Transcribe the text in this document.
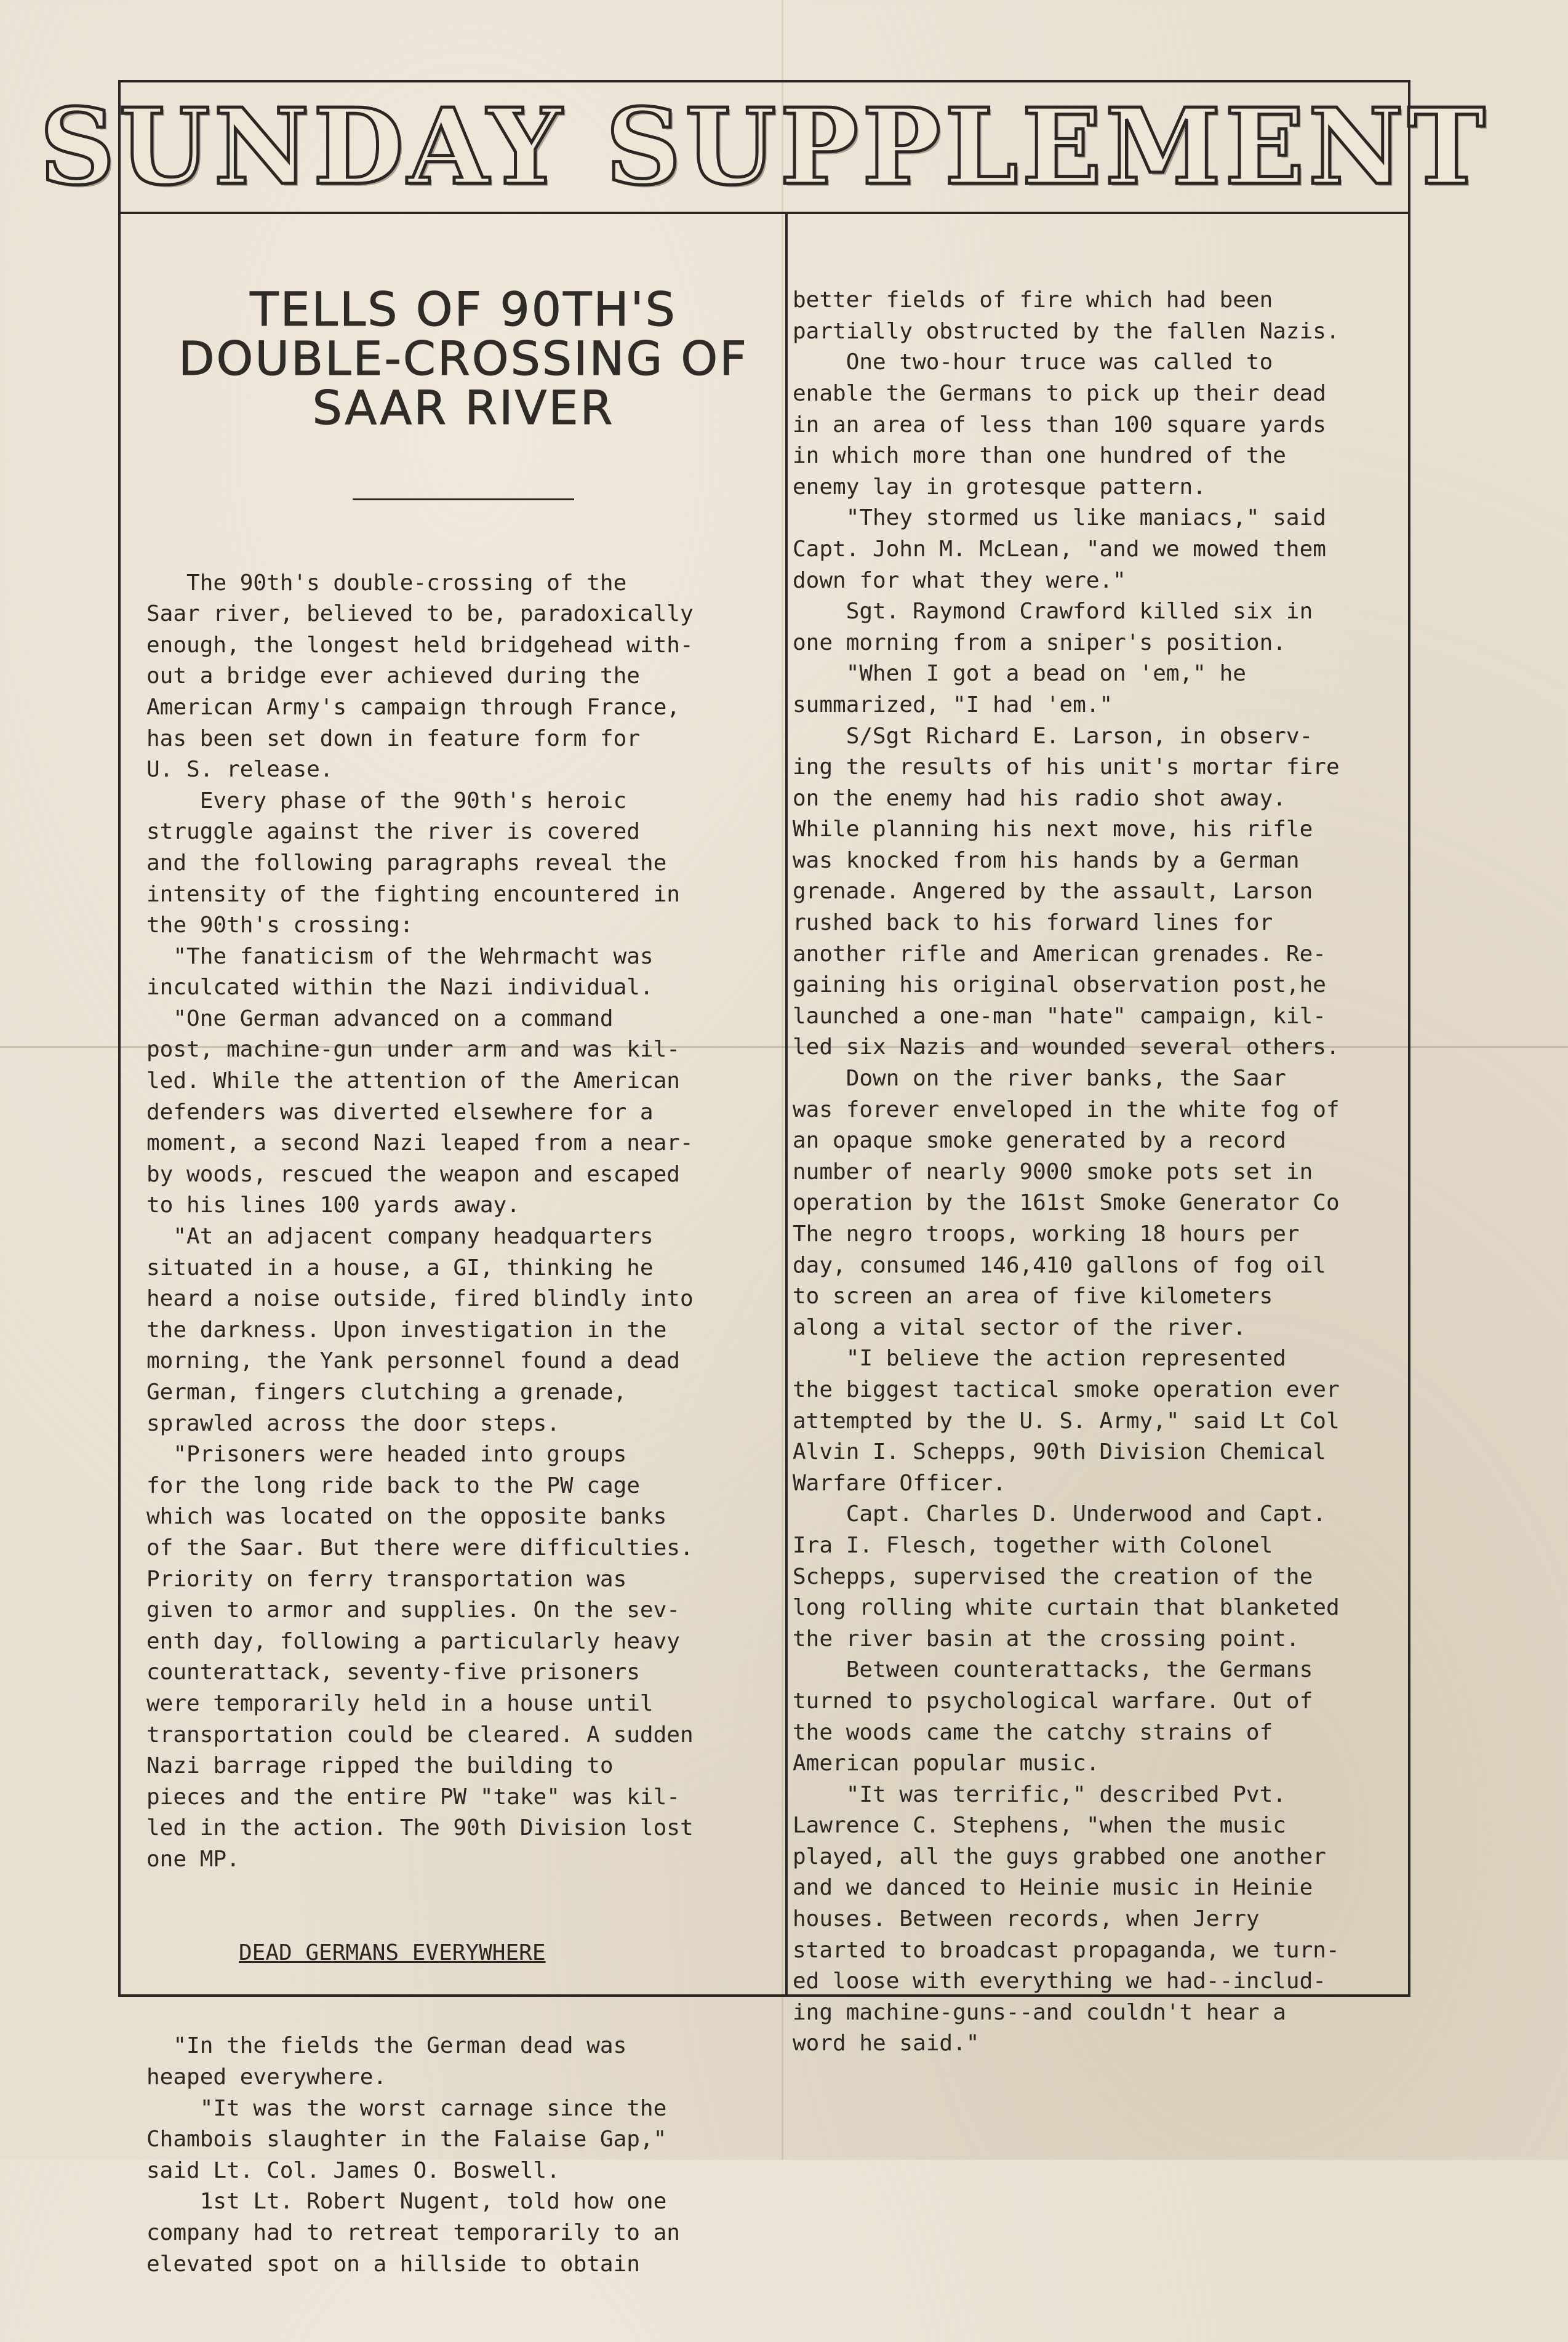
SUNDAY SUPPLEMENT

TELLS OF 90TH'S DOUBLE-CROSSING OF SAAR RIVER

The 90th's double-crossing of the
Saar river, believed to be, paradoxically
enough, the longest held bridgehead with-
out a bridge ever achieved during the
American Army's campaign through France,
has been set down in feature form for
U. S. release.
Every phase of the 90th's heroic
struggle against the river is covered
and the following paragraphs reveal the
intensity of the fighting encountered in
the 90th's crossing:
"The fanaticism of the Wehrmacht was
inculcated within the Nazi individual.
"One German advanced on a command
post, machine-gun under arm and was kil-
led. While the attention of the American
defenders was diverted elsewhere for a
moment, a second Nazi leaped from a near-
by woods, rescued the weapon and escaped
to his lines 100 yards away.
"At an adjacent company headquarters
situated in a house, a GI, thinking he
heard a noise outside, fired blindly into
the darkness. Upon investigation in the
morning, the Yank personnel found a dead
German, fingers clutching a grenade,
sprawled across the door steps.
"Prisoners were headed into groups
for the long ride back to the PW cage
which was located on the opposite banks
of the Saar. But there were difficulties.
Priority on ferry transportation was
given to armor and supplies. On the sev-
enth day, following a particularly heavy
counterattack, seventy-five prisoners
were temporarily held in a house until
transportation could be cleared. A sudden
Nazi barrage ripped the building to
pieces and the entire PW "take" was kil-
led in the action. The 90th Division lost
one MP.

DEAD GERMANS EVERYWHERE

"In the fields the German dead was
heaped everywhere.
"It was the worst carnage since the
Chambois slaughter in the Falaise Gap,"
said Lt. Col. James O. Boswell.
1st Lt. Robert Nugent, told how one
company had to retreat temporarily to an
elevated spot on a hillside to obtain

better fields of fire which had been
partially obstructed by the fallen Nazis.
One two-hour truce was called to
enable the Germans to pick up their dead
in an area of less than 100 square yards
in which more than one hundred of the
enemy lay in grotesque pattern.
"They stormed us like maniacs," said
Capt. John M. McLean, "and we mowed them
down for what they were."
Sgt. Raymond Crawford killed six in
one morning from a sniper's position.
"When I got a bead on 'em," he
summarized, "I had 'em."
S/Sgt Richard E. Larson, in observ-
ing the results of his unit's mortar fire
on the enemy had his radio shot away.
While planning his next move, his rifle
was knocked from his hands by a German
grenade. Angered by the assault, Larson
rushed back to his forward lines for
another rifle and American grenades. Re-
gaining his original observation post,he
launched a one-man "hate" campaign, kil-
led six Nazis and wounded several others.
Down on the river banks, the Saar
was forever enveloped in the white fog of
an opaque smoke generated by a record
number of nearly 9000 smoke pots set in
operation by the 161st Smoke Generator Co
The negro troops, working 18 hours per
day, consumed 146,410 gallons of fog oil
to screen an area of five kilometers
along a vital sector of the river.
"I believe the action represented
the biggest tactical smoke operation ever
attempted by the U. S. Army," said Lt Col
Alvin I. Schepps, 90th Division Chemical
Warfare Officer.
Capt. Charles D. Underwood and Capt.
Ira I. Flesch, together with Colonel
Schepps, supervised the creation of the
long rolling white curtain that blanketed
the river basin at the crossing point.
Between counterattacks, the Germans
turned to psychological warfare. Out of
the woods came the catchy strains of
American popular music.
"It was terrific," described Pvt.
Lawrence C. Stephens, "when the music
played, all the guys grabbed one another
and we danced to Heinie music in Heinie
houses. Between records, when Jerry
started to broadcast propaganda, we turn-
ed loose with everything we had--includ-
ing machine-guns--and couldn't hear a
word he said."
